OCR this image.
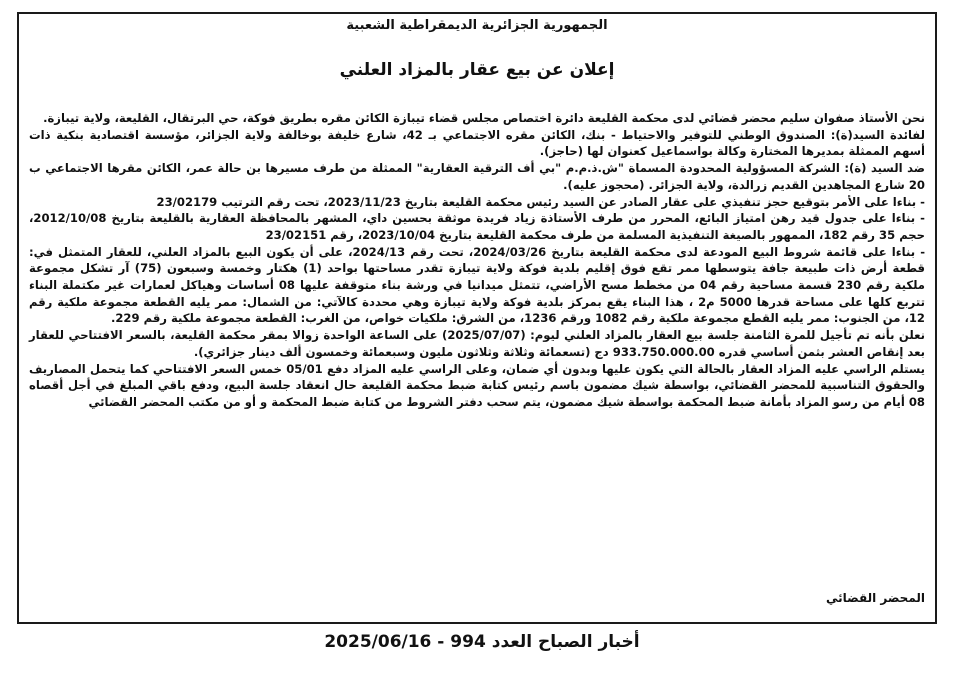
الجمهورية الجزائرية الديمقراطية الشعبية
إعلان عن بيع عقار بالمزاد العلني

نحن الأستاذ صفوان سليم محضر قضائي لدى محكمة القليعة دائرة اختصاص مجلس قضاء تيبازة الكائن مقره بطريق فوكة، حي البرتقال، القليعة، ولاية تيبازة.

لفائدة السيد(ة): الصندوق الوطني للتوفير والاحتياط - بنك، الكائن مقره الاجتماعي بـ 42، شارع خليفة بوخالفة ولاية الجزائر، مؤسسة اقتصادية بنكية ذات أسهم الممثلة بمديرها المختارة وكالة بواسماعيل كعنوان لها (حاجز).

ضد السيد (ة): الشركة المسؤولية المحدودة المسماة "ش.ذ.م.م "بي أف الترقية العقارية" الممثلة من طرف مسيرها بن حالة عمر، الكائن مقرها الاجتماعي ب 20 شارع المجاهدين القديم زرالدة، ولاية الجزائر. (محجوز عليه).

- بناءا على الأمر بتوقيع حجز تنفيذي على عقار الصادر عن السيد رئيس محكمة القليعة بتاريخ 2023/11/23، تحت رقم الترتيب 23/02179

- بناءا على جدول قيد رهن امتياز البائع، المحرر من طرف الأستاذة زياد فريدة موثقة بحسين داي، المشهر بالمحافظة العقارية بالقليعة بتاريخ 2012/10/08، حجم 35 رقم 182، الممهور بالصيغة التنفيذية المسلمة من طرف محكمة القليعة بتاريخ 2023/10/04، رقم 23/02151

- بناءا على قائمة شروط البيع المودعة لدى محكمة القليعة بتاريخ 2024/03/26، تحت رقم 2024/13، على أن يكون البيع بالمزاد العلني، للعقار المتمثل في: قطعة أرض ذات طبيعة جافة يتوسطها ممر تقع فوق إقليم بلدية فوكة ولاية تيبازة تقدر مساحتها بواحد (1) هكتار وخمسة وسبعون (75) آر تشكل مجموعة ملكية رقم 230 قسمة مساحية رقم 04 من مخطط مسح الأراضي، تتمثل ميدانيا في ورشة بناء متوقفة عليها 08 أساسات وهياكل لعمارات غير مكتملة البناء تتربع كلها على مساحة قدرها 5000 م2 ، هذا البناء يقع بمركز بلدية فوكة ولاية تيبازة وهي محددة كالآتي: من الشمال: ممر يليه القطعة مجموعة ملكية رقم 12، من الجنوب: ممر يليه القطع مجموعة ملكية رقم 1082 ورقم 1236، من الشرق: ملكيات خواص، من الغرب: القطعة مجموعة ملكية رقم 229.

نعلن بأنه تم تأجيل للمرة الثامنة جلسة بيع العقار بالمزاد العلني ليوم: (2025/07/07) على الساعة الواحدة زوالا بمقر محكمة القليعة، بالسعر الافتتاحي للعقار بعد إنقاص العشر بثمن أساسي قدره 933.750.000.00 دج (تسعمائة وثلاثة وثلاثون مليون وسبعمائة وخمسون ألف دينار جزائري).

يستلم الراسي عليه المزاد العقار بالحالة التي يكون عليها وبدون أي ضمان، وعلى الراسي عليه المزاد دفع 05/01 خمس السعر الافتتاحي كما يتحمل المصاريف والحقوق التناسبية للمحضر القضائي، بواسطة شيك مضمون باسم رئيس كتابة ضبط محكمة القليعة حال انعقاد جلسة البيع، ودفع باقي المبلغ في أجل أقصاه 08 أيام من رسو المزاد بأمانة ضبط المحكمة بواسطة شيك مضمون، يتم سحب دفتر الشروط من كتابة ضبط المحكمة و أو من مكتب المحضر القضائي

المحضر القضائي
أخبار الصباح العدد 994 - 2025/06/16
